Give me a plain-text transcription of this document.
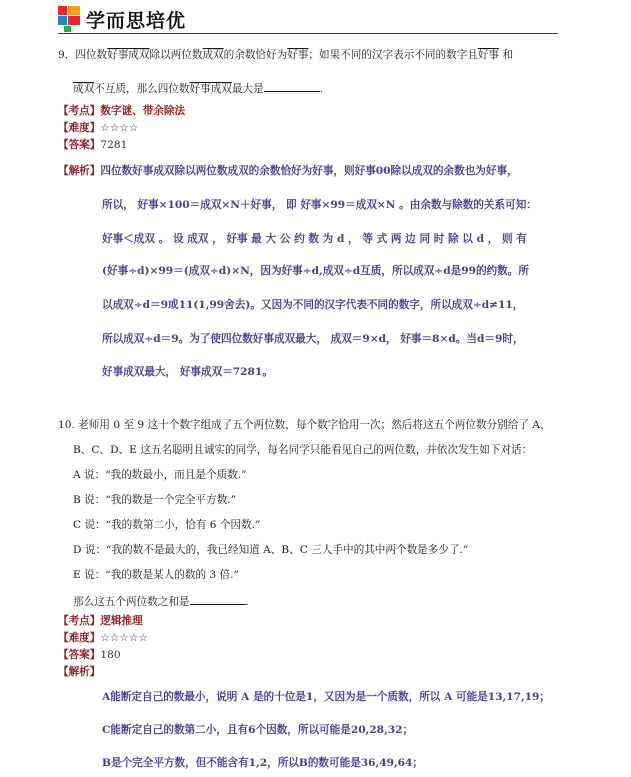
学而思培优
9．四位数好事成双除以两位数成双的余数恰好为好事；如果不同的汉字表示不同的数字且好事 和
成双不互质，那么四位数好事成双最大是	.
【考点】数字谜、带余除法
【难度】☆☆☆☆
【答案】7281
【解析】四位数好事成双除以两位数成双的余数恰好为好事，则好事00除以成双的余数也为好事，
所以， 好事×100＝成双×N＋好事， 即 好事×99＝成双×N 。由余数与除数的关系可知：
好事＜成双 。 设 成双 ， 好事 最 大 公 约 数 为 d ， 等 式 两 边 同 时 除 以 d ， 则 有
(好事÷d)×99＝(成双÷d)×N，因为好事÷d,成双÷d互质，所以成双÷d是99的约数。所
以成双÷d＝9或11(1,99舍去)。又因为不同的汉字代表不同的数字，所以成双÷d≠11，
所以成双÷d＝9。为了使四位数好事成双最大， 成双＝9×d， 好事＝8×d。当d＝9时，
好事成双最大， 好事成双＝7281。
10. 老师用 0 至 9 这十个数字组成了五个两位数，每个数字恰用一次；然后将这五个两位数分别给了 A、
B、C、D、E 这五名聪明且诚实的同学，每名同学只能看见自己的两位数，并依次发生如下对话：
A 说：“我的数最小，而且是个质数.”
B 说：“我的数是一个完全平方数.”
C 说：“我的数第二小，恰有 6 个因数.”
D 说：“我的数不是最大的，我已经知道 A、B、C 三人手中的其中两个数是多少了.”
E 说：“我的数是某人的数的 3 倍.”
那么这五个两位数之和是	.
【考点】逻辑推理
【难度】☆☆☆☆☆
【答案】180
【解析】
A能断定自己的数最小，说明 A 是的十位是1，又因为是一个质数，所以 A 可能是13,17,19；
C能断定自己的数第二小，且有6个因数，所以可能是20,28,32；
B是个完全平方数，但不能含有1,2，所以B的数可能是36,49,64；
